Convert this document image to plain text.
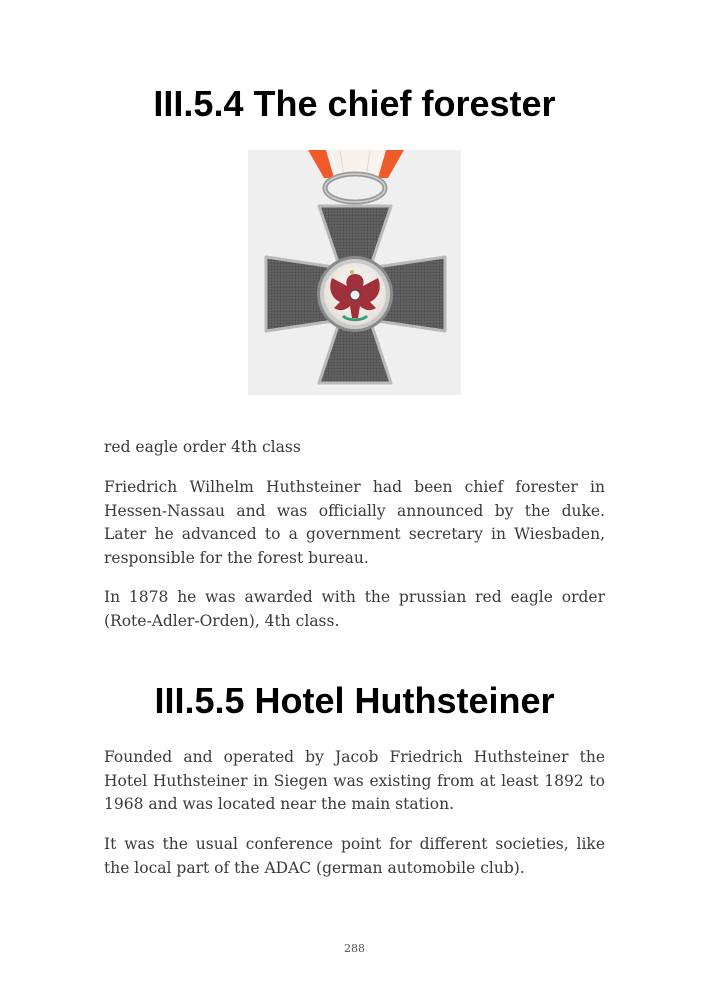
III.5.4 The chief forester

red eagle order 4th class

Friedrich Wilhelm Huthsteiner had been chief forester in Hessen-Nassau and was officially announced by the duke. Later he advanced to a government secretary in Wiesbaden, responsible for the forest bureau.

In 1878 he was awarded with the prussian red eagle order (Rote-Adler-Orden), 4th class.

III.5.5 Hotel Huthsteiner

Founded and operated by Jacob Friedrich Huthsteiner the Hotel Huthsteiner in Siegen was existing from at least 1892 to 1968 and was located near the main station.

It was the usual conference point for different societies, like the local part of the ADAC (german automobile club).

288
